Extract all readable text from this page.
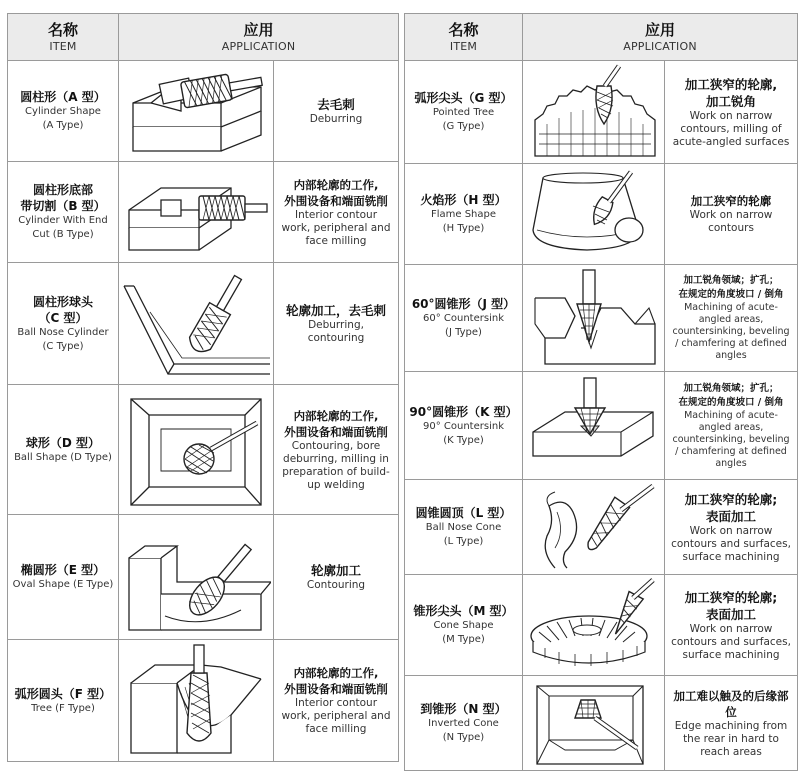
名称
ITEM	应用
APPLICATION	

圆柱形（A 型）
Cylinder Shape
(A Type)		去毛刺
Deburring

圆柱形底部
带切割（B 型）
Cylinder With End
Cut (B Type)		内部轮廓的工作,
外围设备和端面铣削
Interior contour work, peripheral and face milling

圆柱形球头
（C 型）
Ball Nose Cylinder
(C Type)		轮廓加工，去毛刺
Deburring, contouring

球形（D 型）
Ball Shape (D Type)		内部轮廓的工作,
外围设备和端面铣削
Contouring, bore deburring, milling in preparation of build-up welding

椭圆形（E 型）
Oval Shape (E Type)		轮廓加工
Contouring

弧形圆头（F 型）
Tree (F Type)		内部轮廓的工作,
外围设备和端面铣削
Interior contour work, peripheral and face milling
名称
ITEM	应用
APPLICATION	

弧形尖头（G 型）
Pointed Tree
(G Type)		加工狭窄的轮廓,
加工锐角
Work on narrow contours, milling of acute-angled surfaces

火焰形（H 型）
Flame Shape
(H Type)		加工狭窄的轮廓
Work on narrow contours

60°圆锥形（J 型）
60° Countersink
(J Type)		加工锐角领域；扩孔；
在规定的角度坡口 / 倒角
Machining of acute-angled areas, countersinking, beveling / chamfering at defined angles

90°圆锥形（K 型）
90° Countersink
(K Type)		加工锐角领域；扩孔；
在规定的角度坡口 / 倒角
Machining of acute-angled areas, countersinking, beveling / chamfering at defined angles

圆锥圆顶（L 型）
Ball Nose Cone
(L Type)		加工狭窄的轮廓;
表面加工
Work on narrow contours and surfaces, surface machining

锥形尖头（M 型）
Cone Shape
(M Type)		加工狭窄的轮廓;
表面加工
Work on narrow contours and surfaces, surface machining

到锥形（N 型）
Inverted Cone
(N Type)		加工难以触及的后缘部位
Edge machining from the rear in hard to reach areas
